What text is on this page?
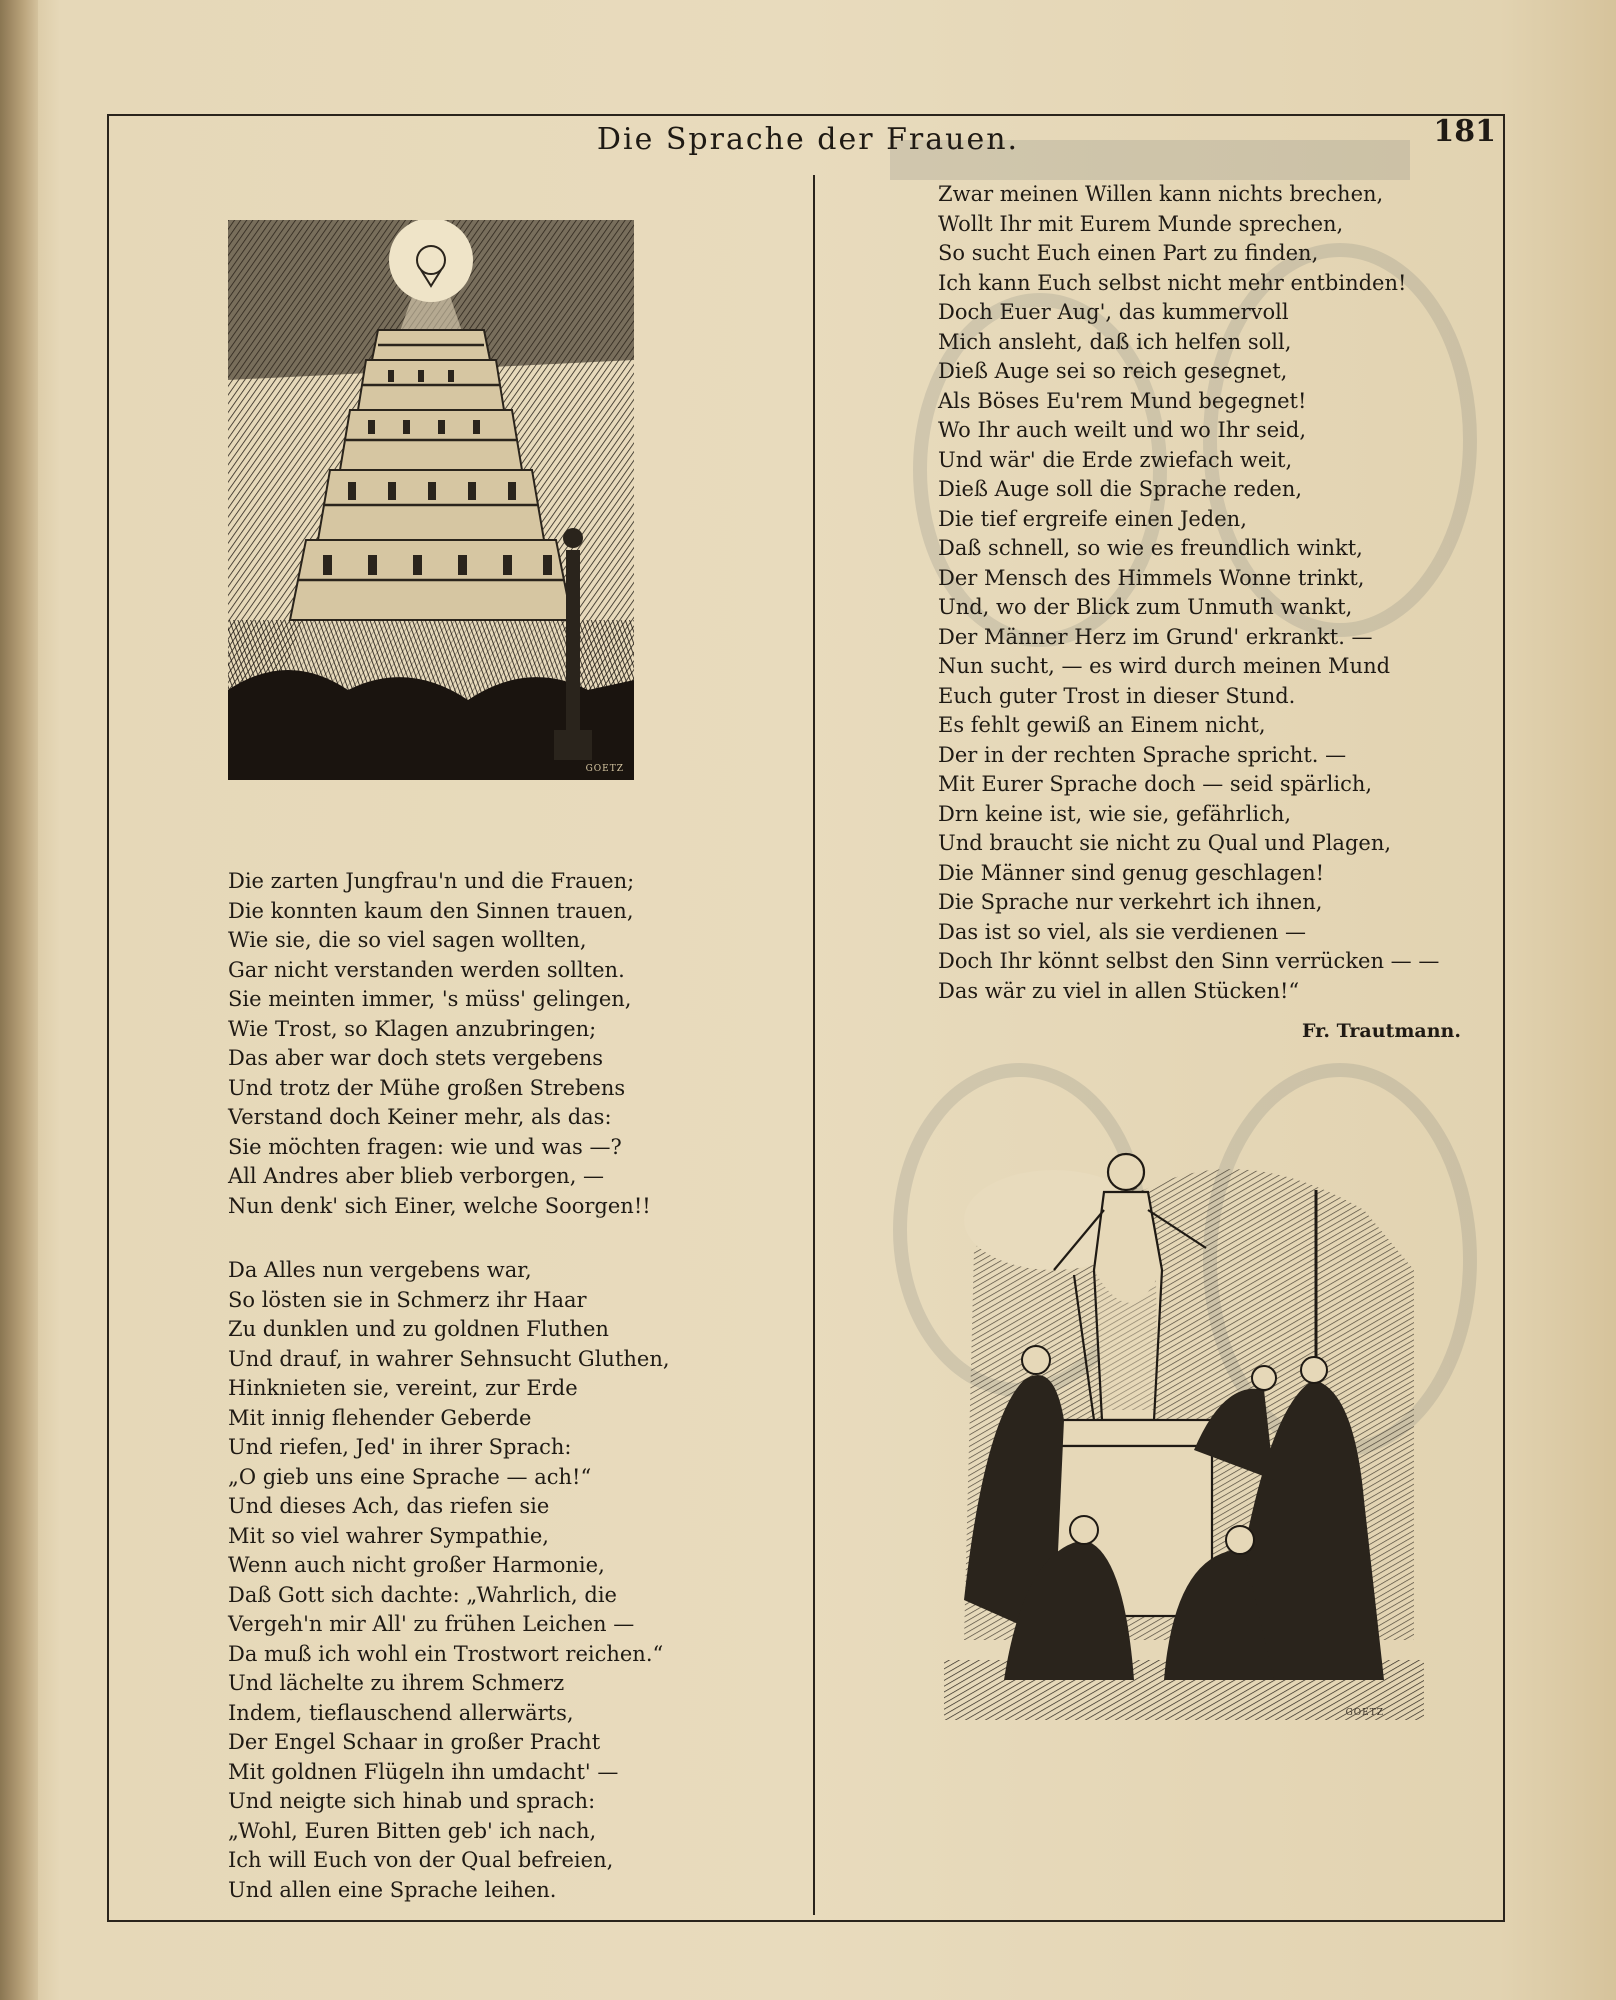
Die Sprache der Frauen.	181
GOETZ
GOETZ
Die zarten Jungfrau'n und die Frauen;
Die konnten kaum den Sinnen trauen,
Wie sie, die so viel sagen wollten,
Gar nicht verstanden werden sollten.
Sie meinten immer, 's müss' gelingen,
Wie Trost, so Klagen anzubringen;
Das aber war doch stets vergebens
Und trotz der Mühe großen Strebens
Verstand doch Keiner mehr, als das:
Sie möchten fragen: wie und was —?
All Andres aber blieb verborgen, —
Nun denk' sich Einer, welche Soorgen!!
Da Alles nun vergebens war,
So lösten sie in Schmerz ihr Haar
Zu dunklen und zu goldnen Fluthen
Und drauf, in wahrer Sehnsucht Gluthen,
Hinknieten sie, vereint, zur Erde
Mit innig flehender Geberde
Und riefen, Jed' in ihrer Sprach:
„O gieb uns eine Sprache — ach!“
Und dieses Ach, das riefen sie
Mit so viel wahrer Sympathie,
Wenn auch nicht großer Harmonie,
Daß Gott sich dachte: „Wahrlich, die
Vergeh'n mir All' zu frühen Leichen —
Da muß ich wohl ein Trostwort reichen.“
Und lächelte zu ihrem Schmerz
Indem, tieflauschend allerwärts,
Der Engel Schaar in großer Pracht
Mit goldnen Flügeln ihn umdacht' —
Und neigte sich hinab und sprach:
„Wohl, Euren Bitten geb' ich nach,
Ich will Euch von der Qual befreien,
Und allen eine Sprache leihen.
Zwar meinen Willen kann nichts brechen,
Wollt Ihr mit Eurem Munde sprechen,
So sucht Euch einen Part zu finden,
Ich kann Euch selbst nicht mehr entbinden!
Doch Euer Aug', das kummervoll
Mich ansleht, daß ich helfen soll,
Dieß Auge sei so reich gesegnet,
Als Böses Eu'rem Mund begegnet!
Wo Ihr auch weilt und wo Ihr seid,
Und wär' die Erde zwiefach weit,
Dieß Auge soll die Sprache reden,
Die tief ergreife einen Jeden,
Daß schnell, so wie es freundlich winkt,
Der Mensch des Himmels Wonne trinkt,
Und, wo der Blick zum Unmuth wankt,
Der Männer Herz im Grund' erkrankt. —
Nun sucht, — es wird durch meinen Mund
Euch guter Trost in dieser Stund.
Es fehlt gewiß an Einem nicht,
Der in der rechten Sprache spricht. —
Mit Eurer Sprache doch — seid spärlich,
Drn keine ist, wie sie, gefährlich,
Und braucht sie nicht zu Qual und Plagen,
Die Männer sind genug geschlagen!
Die Sprache nur verkehrt ich ihnen,
Das ist so viel, als sie verdienen —
Doch Ihr könnt selbst den Sinn verrücken — —
Das wär zu viel in allen Stücken!“
Fr. Trautmann.
